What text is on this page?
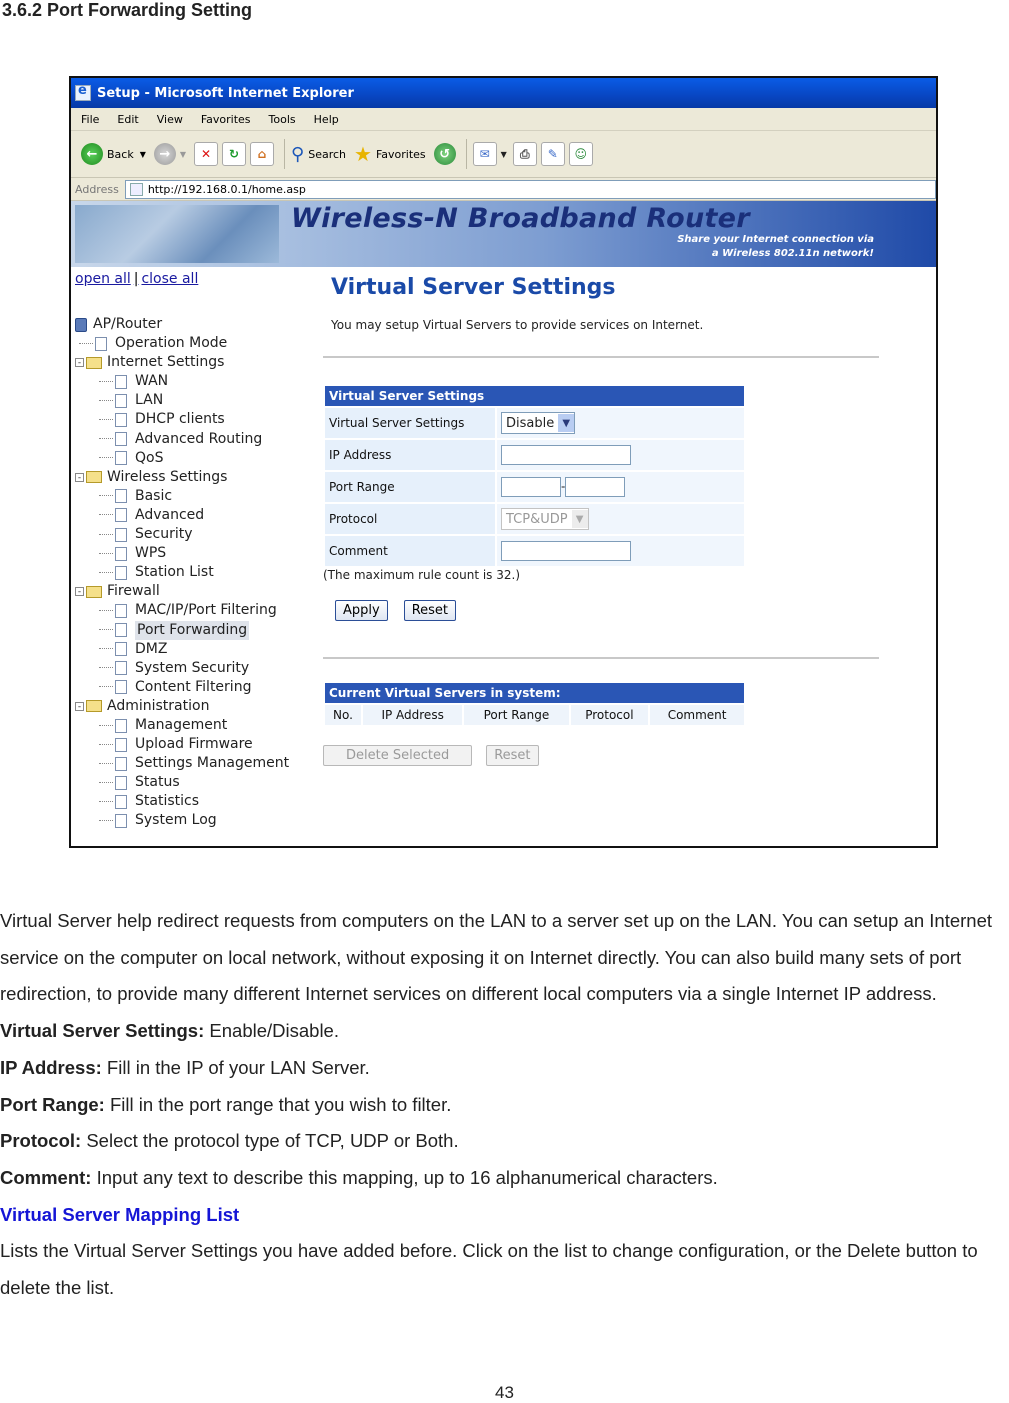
3.6.2 Port Forwarding Setting
e
Setup - Microsoft Internet Explorer
File Edit View Favorites Tools Help
← Back ▼	→	▼	✕	↻	⌂	⚲ Search ★ Favorites	↺	✉	▼	⎙	✎	☺
Address	http://192.168.0.1/home.asp
Wireless-N Broadband Router
Share your Internet connection via
a Wireless 802.11n network!
open all | close all
AP/Router
Operation Mode
- Internet Settings
WAN
LAN
DHCP clients
Advanced Routing
QoS
- Wireless Settings
Basic
Advanced
Security
WPS
Station List
- Firewall
MAC/IP/Port Filtering
Port Forwarding
DMZ
System Security
Content Filtering
- Administration
Management
Upload Firmware
Settings Management
Status
Statistics
System Log
Virtual Server Settings
You may setup Virtual Servers to provide services on Internet.
Virtual Server Settings	
Virtual Server Settings	Disable ▼

IP Address	
Port Range	-
Protocol	TCP&UDP ▼

Comment	
(The maximum rule count is 32.)
Apply	Reset
Current Virtual Servers in system:
No.	IP Address	Port Range	Protocol	Comment
Delete Selected	Reset

Virtual Server help redirect requests from computers on the LAN to a server set up on the LAN. You can setup an Internet service on the computer on local network, without exposing it on Internet directly. You can also build many sets of port redirection, to provide many different Internet services on different local computers via a single Internet IP address.

Virtual Server Settings: Enable/Disable.

IP Address: Fill in the IP of your LAN Server.

Port Range: Fill in the port range that you wish to filter.

Protocol: Select the protocol type of TCP, UDP or Both.

Comment: Input any text to describe this mapping, up to 16 alphanumerical characters.

Virtual Server Mapping List

Lists the Virtual Server Settings you have added before. Click on the list to change configuration, or the Delete button to delete the list.

43
